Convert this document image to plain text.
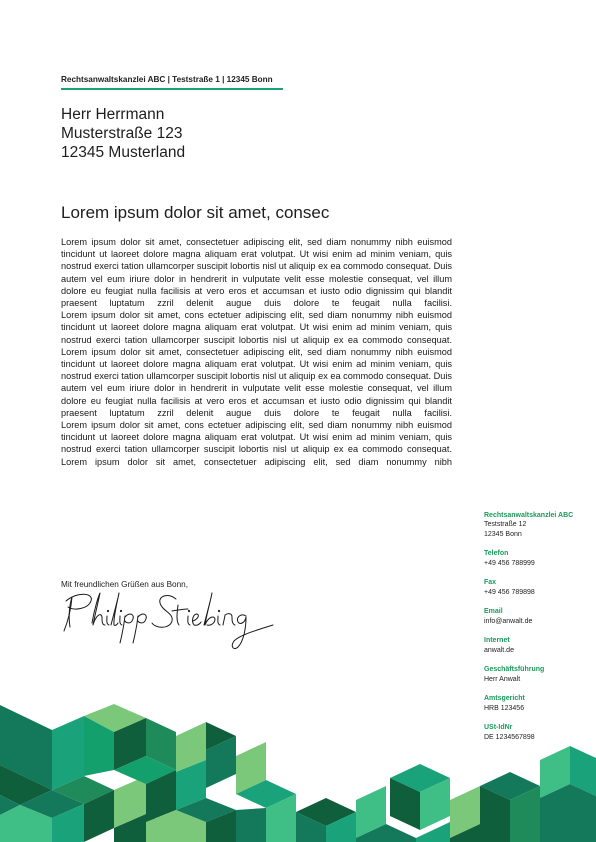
Rechtsanwaltskanzlei ABC | Teststraße 1 | 12345 Bonn
Herr Herrmann
Musterstraße 123
12345 Musterland
Lorem ipsum dolor sit amet, consec

Lorem ipsum dolor sit amet, consectetuer adipiscing elit, sed diam nonummy nibh euismod tincidunt ut laoreet dolore magna aliquam erat volutpat. Ut wisi enim ad minim veniam, quis nostrud exerci tation ullamcorper suscipit lobortis nisl ut aliquip ex ea commodo consequat. Duis autem vel eum iriure dolor in hendrerit in vulputate velit esse molestie consequat, vel illum dolore eu feugiat nulla facilisis at vero eros et accumsan et iusto odio dignissim qui blandit praesent luptatum zzril delenit augue duis dolore te feugait nulla facilisi.

Lorem ipsum dolor sit amet, cons ectetuer adipiscing elit, sed diam nonummy nibh euismod tincidunt ut laoreet dolore magna aliquam erat volutpat. Ut wisi enim ad minim veniam, quis nostrud exerci tation ullamcorper suscipit lobortis nisl ut aliquip ex ea commodo consequat.

Lorem ipsum dolor sit amet, consectetuer adipiscing elit, sed diam nonummy nibh euismod tincidunt ut laoreet dolore magna aliquam erat volutpat. Ut wisi enim ad minim veniam, quis nostrud exerci tation ullamcorper suscipit lobortis nisl ut aliquip ex ea commodo consequat. Duis autem vel eum iriure dolor in hendrerit in vulputate velit esse molestie consequat, vel illum dolore eu feugiat nulla facilisis at vero eros et accumsan et iusto odio dignissim qui blandit praesent luptatum zzril delenit augue duis dolore te feugait nulla facilisi.

Lorem ipsum dolor sit amet, cons ectetuer adipiscing elit, sed diam nonummy nibh euismod tincidunt ut laoreet dolore magna aliquam erat volutpat. Ut wisi enim ad minim veniam, quis nostrud exerci tation ullamcorper suscipit lobortis nisl ut aliquip ex ea commodo consequat.

Lorem ipsum dolor sit amet, consectetuer adipiscing elit, sed diam nonummy nibh

Mit freundlichen Grüßen aus Bonn,
Rechtsanwaltskanzlei ABC
Teststraße 12
12345 Bonn
Telefon
+49 456 788999
Fax
+49 456 789898
Email
info@anwalt.de
Internet
anwalt.de
Geschäftsführung
Herr Anwalt
Amtsgericht
HRB 123456
USt-IdNr
DE 1234567898
